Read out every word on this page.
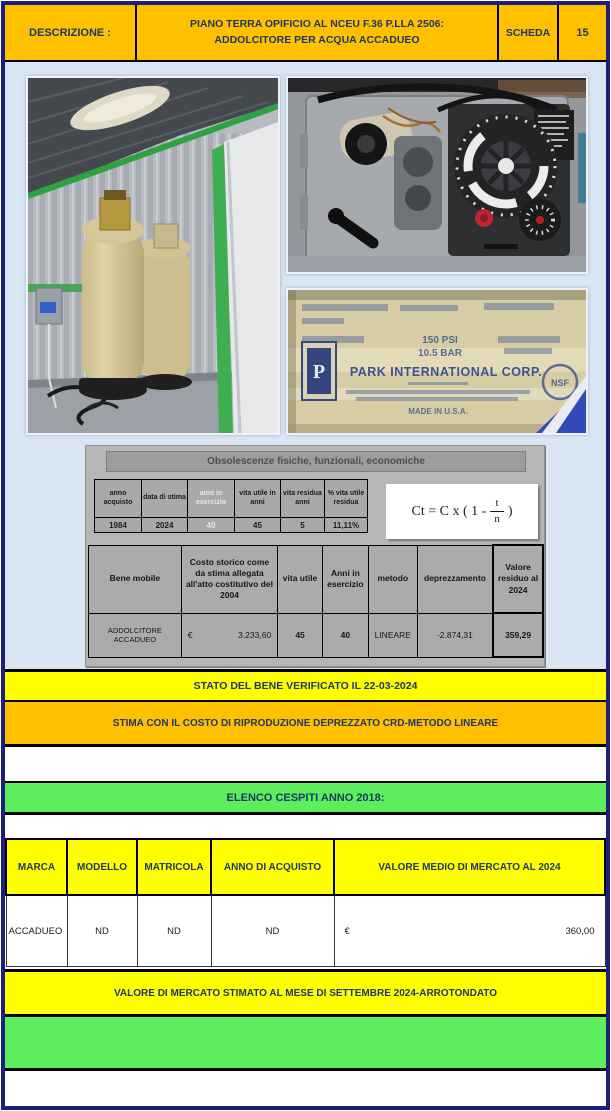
DESCRIZIONE :
PIANO TERRA OPIFICIO AL NCEU F.36 P.LLA 2506:
ADDOLCITORE PER ACQUA ACCADUEO
SCHEDA	15
150 PSI
10.5 BAR
PARK INTERNATIONAL CORP.
MADE IN U.S.A.
P	NSF
Obsolescenze fisiche, funzionali, economiche
anno acquisto	data di stima	anni in esercizio	vita utile in anni	vita residua anni	% vita utile residua
1984	2024	40	45	5	11,11%
Ct = C x ( $1 - \frac{t}{n}$ )
Bene mobile	Costo storico come da stima allegata all'atto costitutivo del 2004	vita utile	Anni in esercizio	metodo	deprezzamento	Valore residuo al 2024
ADDOLCITORE ACCADUEO	€ 3.233,60	45	40	LINEARE	-2.874,31	359,29
STATO DEL BENE VERIFICATO IL 22-03-2024
STIMA CON IL COSTO DI RIPRODUZIONE DEPREZZATO CRD-METODO LINEARE
ELENCO CESPITI ANNO 2018:
MARCA	MODELLO	MATRICOLA	ANNO DI ACQUISTO	VALORE MEDIO DI MERCATO AL 2024
ACCADUEO	ND	ND	ND	€ 360,00
VALORE DI MERCATO STIMATO AL MESE DI SETTEMBRE 2024-ARROTONDATO
